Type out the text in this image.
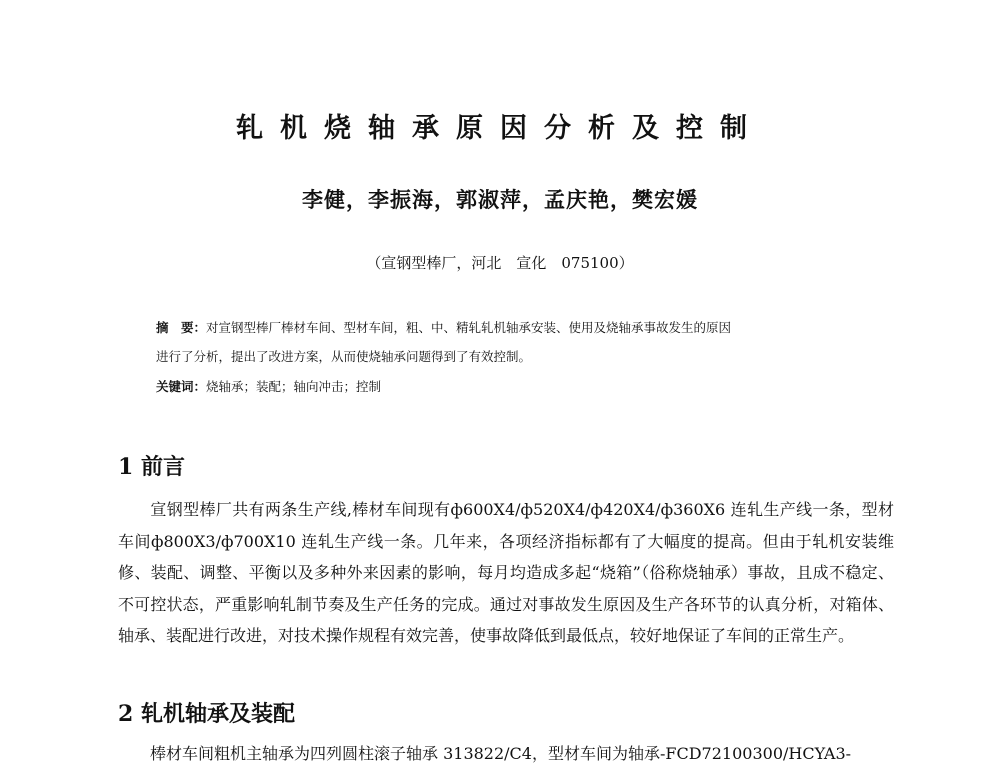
轧机烧轴承原因分析及控制
李健，李振海，郭淑萍，孟庆艳，樊宏媛
（宣钢型棒厂，河北　宣化　075100）
摘　要：对宣钢型棒厂棒材车间、型材车间，粗、中、精轧轧机轴承安装、使用及烧轴承事故发生的原因
进行了分析，提出了改进方案，从而使烧轴承问题得到了有效控制。
关键词：烧轴承；装配；轴向冲击；控制
1 前言
宣钢型棒厂共有两条生产线,棒材车间现有ф600X4/ф520X4/ф420X4/ф360X6 连轧生产线一条，型材车间ф800X3/ф700X10 连轧生产线一条。几年来，各项经济指标都有了大幅度的提高。但由于轧机安装维修、装配、调整、平衡以及多种外来因素的影响，每月均造成多起“烧箱”（俗称烧轴承）事故，且成不稳定、不可控状态，严重影响轧制节奏及生产任务的完成。通过对事故发生原因及生产各环节的认真分析，对箱体、轴承、装配进行改进，对技术操作规程有效完善，使事故降低到最低点，较好地保证了车间的正常生产。
2 轧机轴承及装配
棒材车间粗机主轴承为四列圆柱滚子轴承 313822/C4，型材车间为轴承-FCD72100300/HCYA3-
